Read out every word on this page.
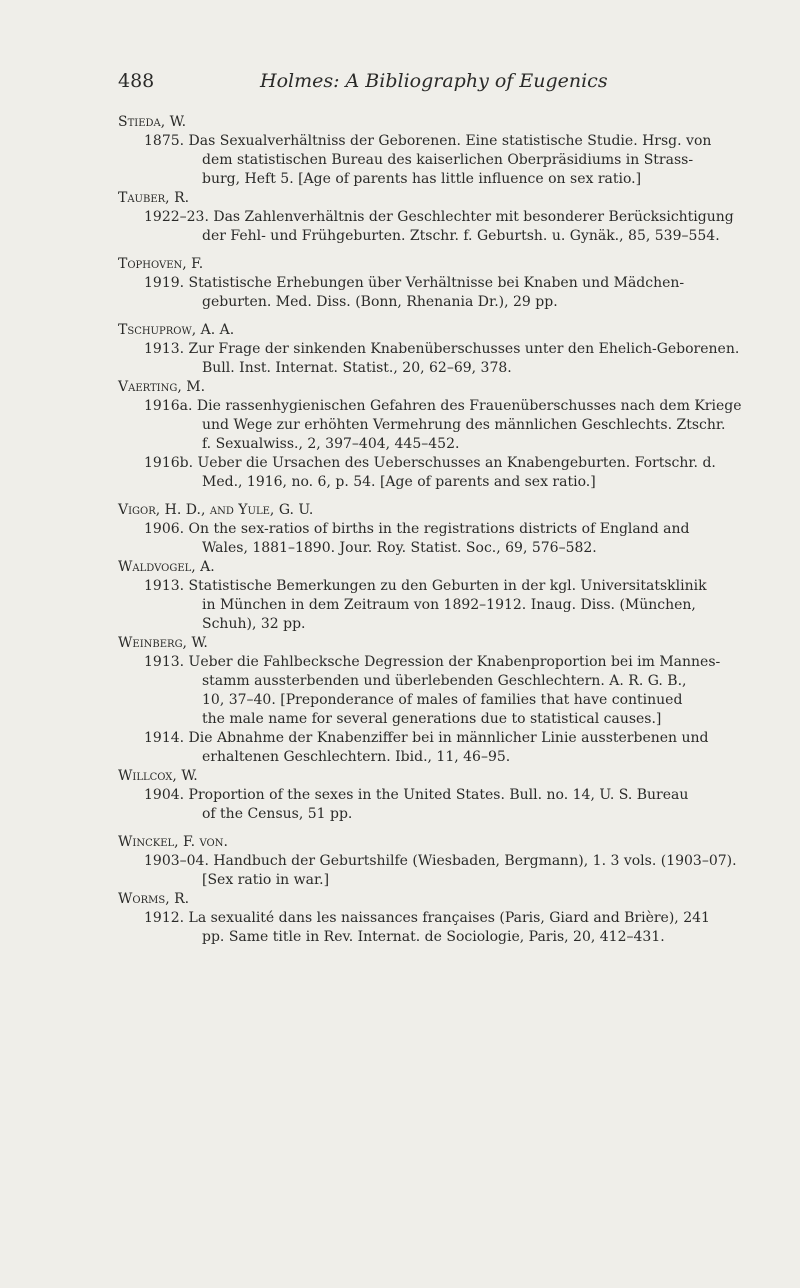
488	Holmes: A Bibliography of Eugenics
Stieda, W.
1875. Das Sexualverhältniss der Geborenen. Eine statistische Studie. Hrsg. von
dem statistischen Bureau des kaiserlichen Oberpräsidiums in Strass-
burg, Heft 5. [Age of parents has little influence on sex ratio.]
Tauber, R.
1922–23. Das Zahlenverhältnis der Geschlechter mit besonderer Berücksichtigung
der Fehl- und Frühgeburten. Ztschr. f. Geburtsh. u. Gynäk., 85, 539–554.
Tophoven, F.
1919. Statistische Erhebungen über Verhältnisse bei Knaben und Mädchen-
geburten. Med. Diss. (Bonn, Rhenania Dr.), 29 pp.
Tschuprow, A. A.
1913. Zur Frage der sinkenden Knabenüberschusses unter den Ehelich-Geborenen.
Bull. Inst. Internat. Statist., 20, 62–69, 378.
Vaerting, M.
1916a. Die rassenhygienischen Gefahren des Frauenüberschusses nach dem Kriege
und Wege zur erhöhten Vermehrung des männlichen Geschlechts. Ztschr.
f. Sexualwiss., 2, 397–404, 445–452.
1916b. Ueber die Ursachen des Ueberschusses an Knabengeburten. Fortschr. d.
Med., 1916, no. 6, p. 54. [Age of parents and sex ratio.]
Vigor, H. D., and Yule, G. U.
1906. On the sex-ratios of births in the registrations districts of England and
Wales, 1881–1890. Jour. Roy. Statist. Soc., 69, 576–582.
Waldvogel, A.
1913. Statistische Bemerkungen zu den Geburten in der kgl. Universitatsklinik
in München in dem Zeitraum von 1892–1912. Inaug. Diss. (München,
Schuh), 32 pp.
Weinberg, W.
1913. Ueber die Fahlbecksche Degression der Knabenproportion bei im Mannes-
stamm aussterbenden und überlebenden Geschlechtern. A. R. G. B.,
10, 37–40. [Preponderance of males of families that have continued
the male name for several generations due to statistical causes.]
1914. Die Abnahme der Knabenziffer bei in männlicher Linie aussterbenen und
erhaltenen Geschlechtern. Ibid., 11, 46–95.
Willcox, W.
1904. Proportion of the sexes in the United States. Bull. no. 14, U. S. Bureau
of the Census, 51 pp.
Winckel, F. von.
1903–04. Handbuch der Geburtshilfe (Wiesbaden, Bergmann), 1. 3 vols. (1903–07).
[Sex ratio in war.]
Worms, R.
1912. La sexualité dans les naissances françaises (Paris, Giard and Brière), 241
pp. Same title in Rev. Internat. de Sociologie, Paris, 20, 412–431.
